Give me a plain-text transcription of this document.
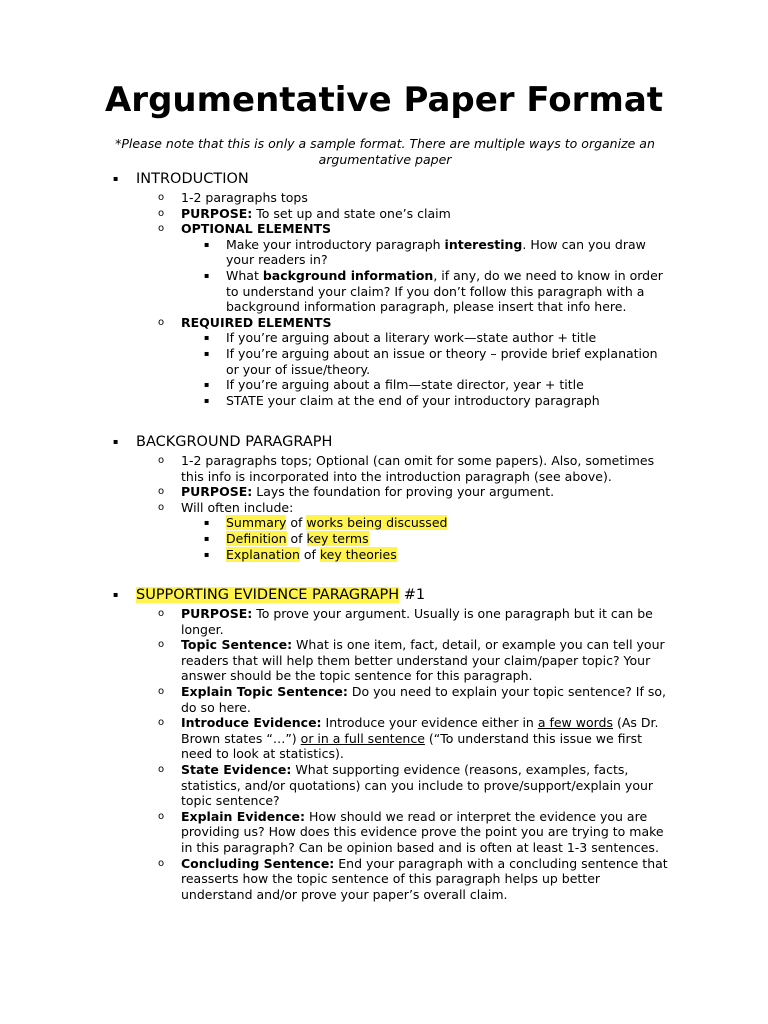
Argumentative Paper Format
*Please note that this is only a sample format. There are multiple ways to organize an argumentative paper
▪ INTRODUCTION
o 1-2 paragraphs tops
o PURPOSE: To set up and state one’s claim
o OPTIONAL ELEMENTS
▪ Make your introductory paragraph interesting. How can you draw your readers in?
▪ What background information, if any, do we need to know in order to understand your claim? If you don’t follow this paragraph with a background information paragraph, please insert that info here.
o REQUIRED ELEMENTS
▪ If you’re arguing about a literary work—state author + title
▪ If you’re arguing about an issue or theory – provide brief explanation or your of issue/theory.
▪ If you’re arguing about a film—state director, year + title
▪ STATE your claim at the end of your introductory paragraph
▪ BACKGROUND PARAGRAPH
o 1-2 paragraphs tops; Optional (can omit for some papers). Also, sometimes this info is incorporated into the introduction paragraph (see above).
o PURPOSE: Lays the foundation for proving your argument.
o Will often include:
▪ Summary of works being discussed
▪ Definition of key terms
▪ Explanation of key theories
▪ SUPPORTING EVIDENCE PARAGRAPH #1
o PURPOSE: To prove your argument. Usually is one paragraph but it can be longer.
o Topic Sentence: What is one item, fact, detail, or example you can tell your readers that will help them better understand your claim/paper topic? Your answer should be the topic sentence for this paragraph.
o Explain Topic Sentence: Do you need to explain your topic sentence? If so, do so here.
o Introduce Evidence: Introduce your evidence either in a few words (As Dr. Brown states “…”) or in a full sentence (“To understand this issue we first need to look at statistics).
o State Evidence: What supporting evidence (reasons, examples, facts, statistics, and/or quotations) can you include to prove/support/explain your topic sentence?
o Explain Evidence: How should we read or interpret the evidence you are providing us? How does this evidence prove the point you are trying to make in this paragraph? Can be opinion based and is often at least 1-3 sentences.
o Concluding Sentence: End your paragraph with a concluding sentence that reasserts how the topic sentence of this paragraph helps up better understand and/or prove your paper’s overall claim.
